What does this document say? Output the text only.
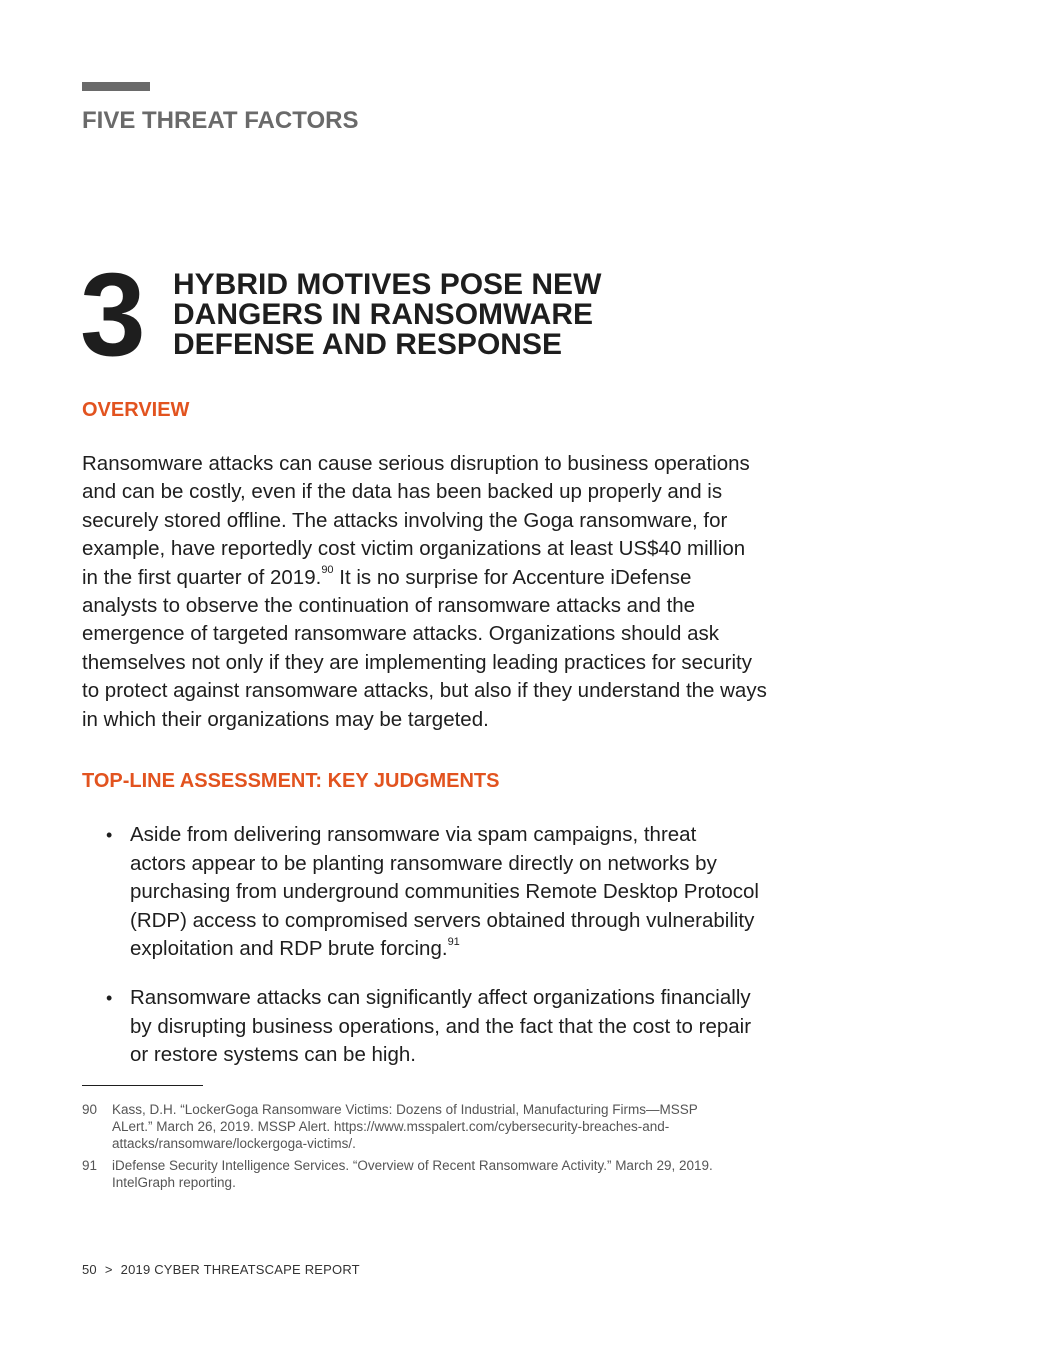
FIVE THREAT FACTORS
3 HYBRID MOTIVES POSE NEW
DANGERS IN RANSOMWARE
DEFENSE AND RESPONSE
OVERVIEW
Ransomware attacks can cause serious disruption to business operations
and can be costly, even if the data has been backed up properly and is
securely stored offline. The attacks involving the Goga ransomware, for
example, have reportedly cost victim organizations at least US$40 million
in the first quarter of 2019.90 It is no surprise for Accenture iDefense
analysts to observe the continuation of ransomware attacks and the
emergence of targeted ransomware attacks. Organizations should ask
themselves not only if they are implementing leading practices for security
to protect against ransomware attacks, but also if they understand the ways
in which their organizations may be targeted.
TOP-LINE ASSESSMENT: KEY JUDGMENTS
• Aside from delivering ransomware via spam campaigns, threat
actors appear to be planting ransomware directly on networks by
purchasing from underground communities Remote Desktop Protocol
(RDP) access to compromised servers obtained through vulnerability
exploitation and RDP brute forcing.$^{91}$
• Ransomware attacks can significantly affect organizations financially
by disrupting business operations, and the fact that the cost to repair
or restore systems can be high.
90 Kass, D.H. “LockerGoga Ransomware Victims: Dozens of Industrial, Manufacturing Firms—MSSP
ALert.” March 26, 2019. MSSP Alert. https://www.msspalert.com/cybersecurity-breaches-and-
attacks/ransomware/lockergoga-victims/.
91 iDefense Security Intelligence Services. “Overview of Recent Ransomware Activity.” March 29, 2019.
IntelGraph reporting.
50 > 2019 CYBER THREATSCAPE REPORT
